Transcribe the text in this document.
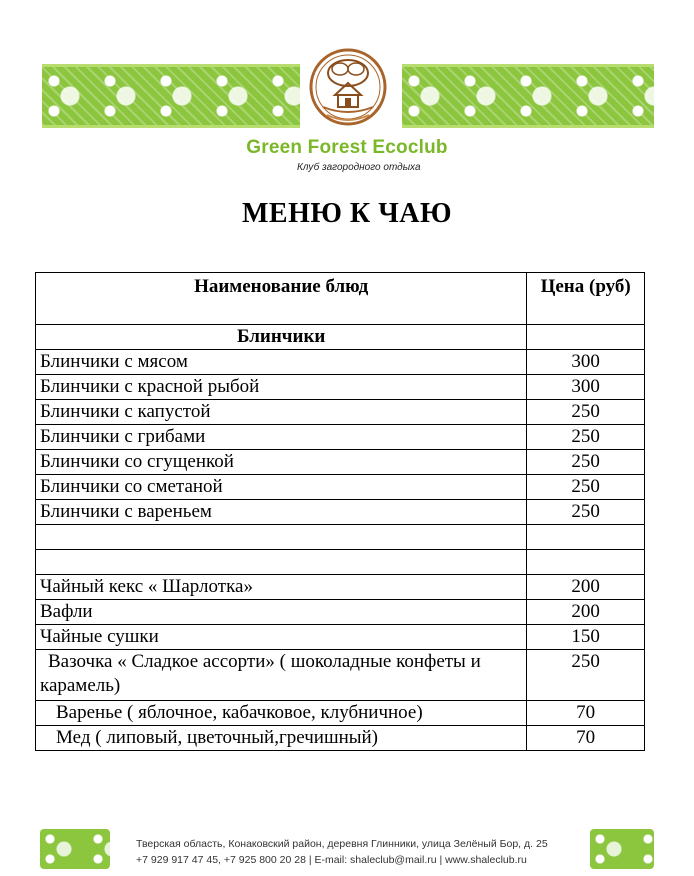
Green Forest Ecoclub
Клуб загородного отдыха
МЕНЮ К ЧАЮ
Наименование блюд	Цена (руб)
Блинчики	
Блинчики с мясом	300
Блинчики с красной рыбой	300
Блинчики с капустой	250
Блинчики с грибами	250
Блинчики со сгущенкой	250
Блинчики со сметаной	250
Блинчики с вареньем	250

Чайный кекс « Шарлотка»	200
Вафли	200
Чайные сушки	150
Вазочка « Сладкое ассорти» ( шоколадные конфеты и карамель)	250
Варенье ( яблочное, кабачковое, клубничное)	70
Мед ( липовый, цветочный,гречишный)	70
Тверская область, Конаковский район, деревня Глинники, улица Зелёный Бор, д. 25
+7 929 917 47 45, +7 925 800 20 28 | E-mail: shaleclub@mail.ru | www.shaleclub.ru
